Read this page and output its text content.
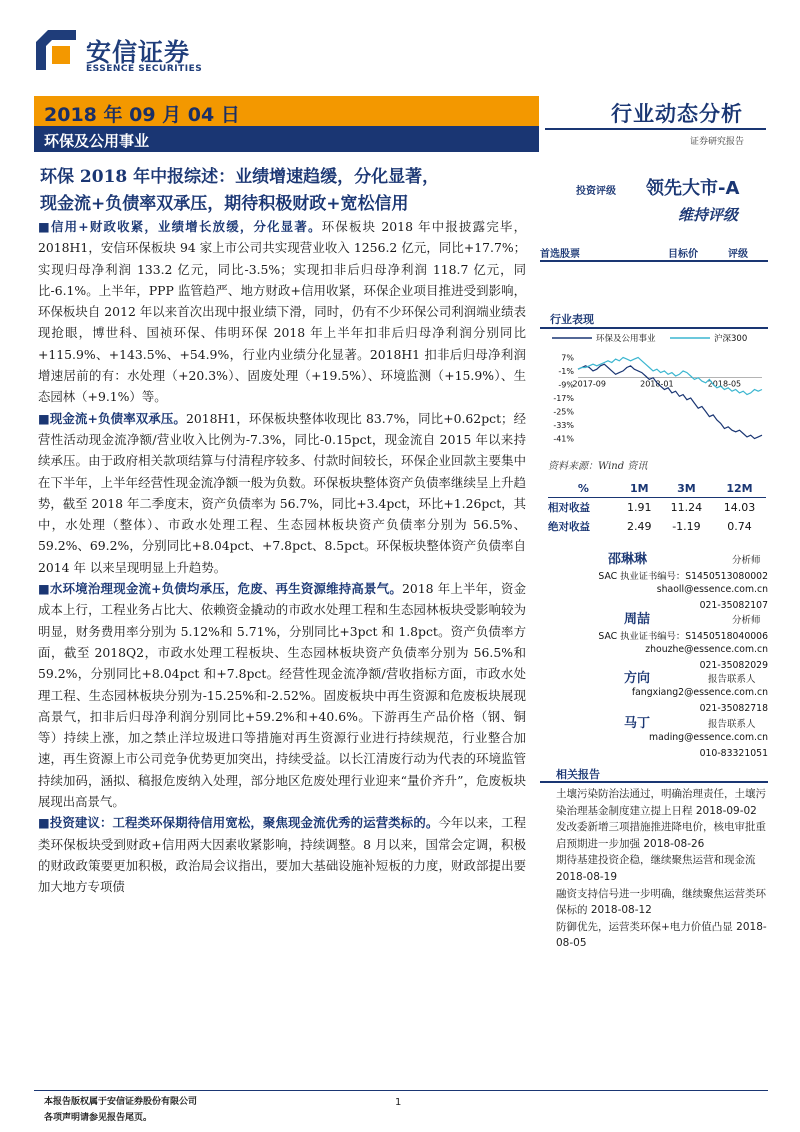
安信证券
ESSENCE SECURITIES
2018 年 09 月 04 日
环保及公用事业
行业动态分析
证券研究报告
环保 2018 年中报综述：业绩增速趋缓，分化显著，
现金流+负债率双承压，期待积极财政+宽松信用

■信用+财政收紧，业绩增长放缓，分化显著。环保板块 2018 年中报披露完毕，2018H1，安信环保板块 94 家上市公司共实现营业收入 1256.2 亿元，同比+17.7%；实现归母净利润 133.2 亿元，同比-3.5%；实现扣非后归母净利润 118.7 亿元，同比-6.1%。上半年，PPP 监管趋严、地方财政+信用收紧，环保企业项目推进受到影响，环保板块自 2012 年以来首次出现中报业绩下滑，同时，仍有不少环保公司利润端业绩表现抢眼，博世科、国祯环保、伟明环保 2018 年上半年扣非后归母净利润分别同比+115.9%、+143.5%、+54.9%，行业内业绩分化显著。2018H1 扣非后归母净利润增速居前的有：水处理（+20.3%）、固废处理（+19.5%）、环境监测（+15.9%）、生态园林（+9.1%）等。

■现金流+负债率双承压。2018H1，环保板块整体收现比 83.7%，同比+0.62pct；经营性活动现金流净额/营业收入比例为-7.3%，同比-0.15pct，现金流自 2015 年以来持续承压。由于政府相关款项结算与付清程序较多、付款时间较长，环保企业回款主要集中在下半年，上半年经营性现金流净额一般为负数。环保板块整体资产负债率继续呈上升趋势，截至 2018 年二季度末，资产负债率为 56.7%，同比+3.4pct，环比+1.26pct，其中，水处理（整体）、市政水处理工程、生态园林板块资产负债率分别为 56.5%、59.2%、69.2%，分别同比+8.04pct、+7.8pct、8.5pct。环保板块整体资产负债率自 2014 年 以来呈现明显上升趋势。

■水环境治理现金流+负债均承压，危废、再生资源维持高景气。2018 年上半年，资金成本上行，工程业务占比大、依赖资金撬动的市政水处理工程和生态园林板块受影响较为明显，财务费用率分别为 5.12%和 5.71%，分别同比+3pct 和 1.8pct。资产负债率方面，截至 2018Q2，市政水处理工程板块、生态园林板块资产负债率分别为 56.5%和 59.2%，分别同比+8.04pct 和+7.8pct。经营性现金流净额/营收指标方面，市政水处理工程、生态园林板块分别为-15.25%和-2.52%。固废板块中再生资源和危废板块展现高景气，扣非后归母净利润分别同比+59.2%和+40.6%。下游再生产品价格（钢、铜等）持续上涨，加之禁止洋垃圾进口等措施对再生资源行业进行持续规范，行业整合加速，再生资源上市公司竞争优势更加突出，持续受益。以长江清废行动为代表的环境监管持续加码，涵拟、稿报危废纳入处理，部分地区危废处理行业迎来“量价齐升”，危废板块展现出高景气。

■投资建议：工程类环保期待信用宽松，聚焦现金流优秀的运营类标的。今年以来，工程类环保板块受到财政+信用两大因素收紧影响，持续调整。8 月以来，国常会定调，积极的财政政策要更加积极，政治局会议指出，要加大基础设施补短板的力度，财政部提出要加大地方专项债

投资评级 领先大市-A
维持评级
首选股票	目标价	评级
行业表现
环保及公用事业	沪深300
7%
-1%
-9%
-17%
-25%
-33%
-41%
2017-09	2018-01	2018-05
资料来源：Wind 资讯
%	1M	3M	12M
相对收益	1.91	11.24	14.03
绝对收益	2.49	-1.19	0.74
邵琳琳	分析师
SAC 执业证书编号：S1450513080002
shaoll@essence.com.cn
021-35082107
周喆	分析师
SAC 执业证书编号：S1450518040006
zhouzhe@essence.com.cn
021-35082029
方向	报告联系人
fangxiang2@essence.com.cn
021-35082718
马丁	报告联系人
mading@essence.com.cn
010-83321051
相关报告
土壤污染防治法通过，明确治理责任，土壤污染治理基金制度建立提上日程 2018-09-02
发改委新增三项措施推进降电价，核电审批重启预期进一步加强 2018-08-26
期待基建投资企稳，继续聚焦运营和现金流 2018-08-19
融资支持信号进一步明确，继续聚焦运营类环保标的 2018-08-12
防御优先，运营类环保+电力价值凸显 2018-08-05
本报告版权属于安信证券股份有限公司
各项声明请参见报告尾页。
1
